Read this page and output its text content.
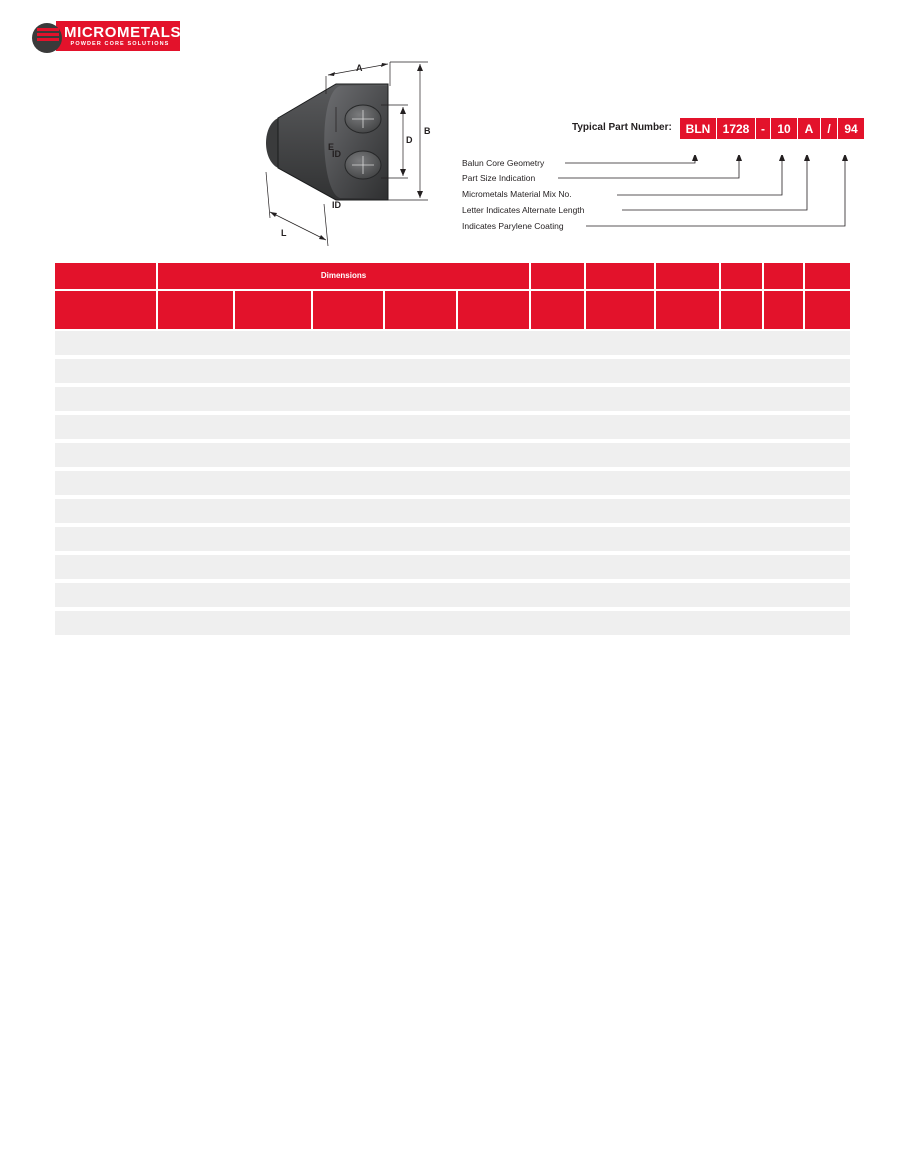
MICROMETALS
POWDER CORE SOLUTIONS
A
B
D
E
L
ID
ID
Typical Part Number:	BLN	1728 -	10	A	/	94
Balun Core Geometry
Part Size Indication
Micrometals Material Mix No.
Letter Indicates Alternate Length
Indicates Parylene Coating
Dimensions
